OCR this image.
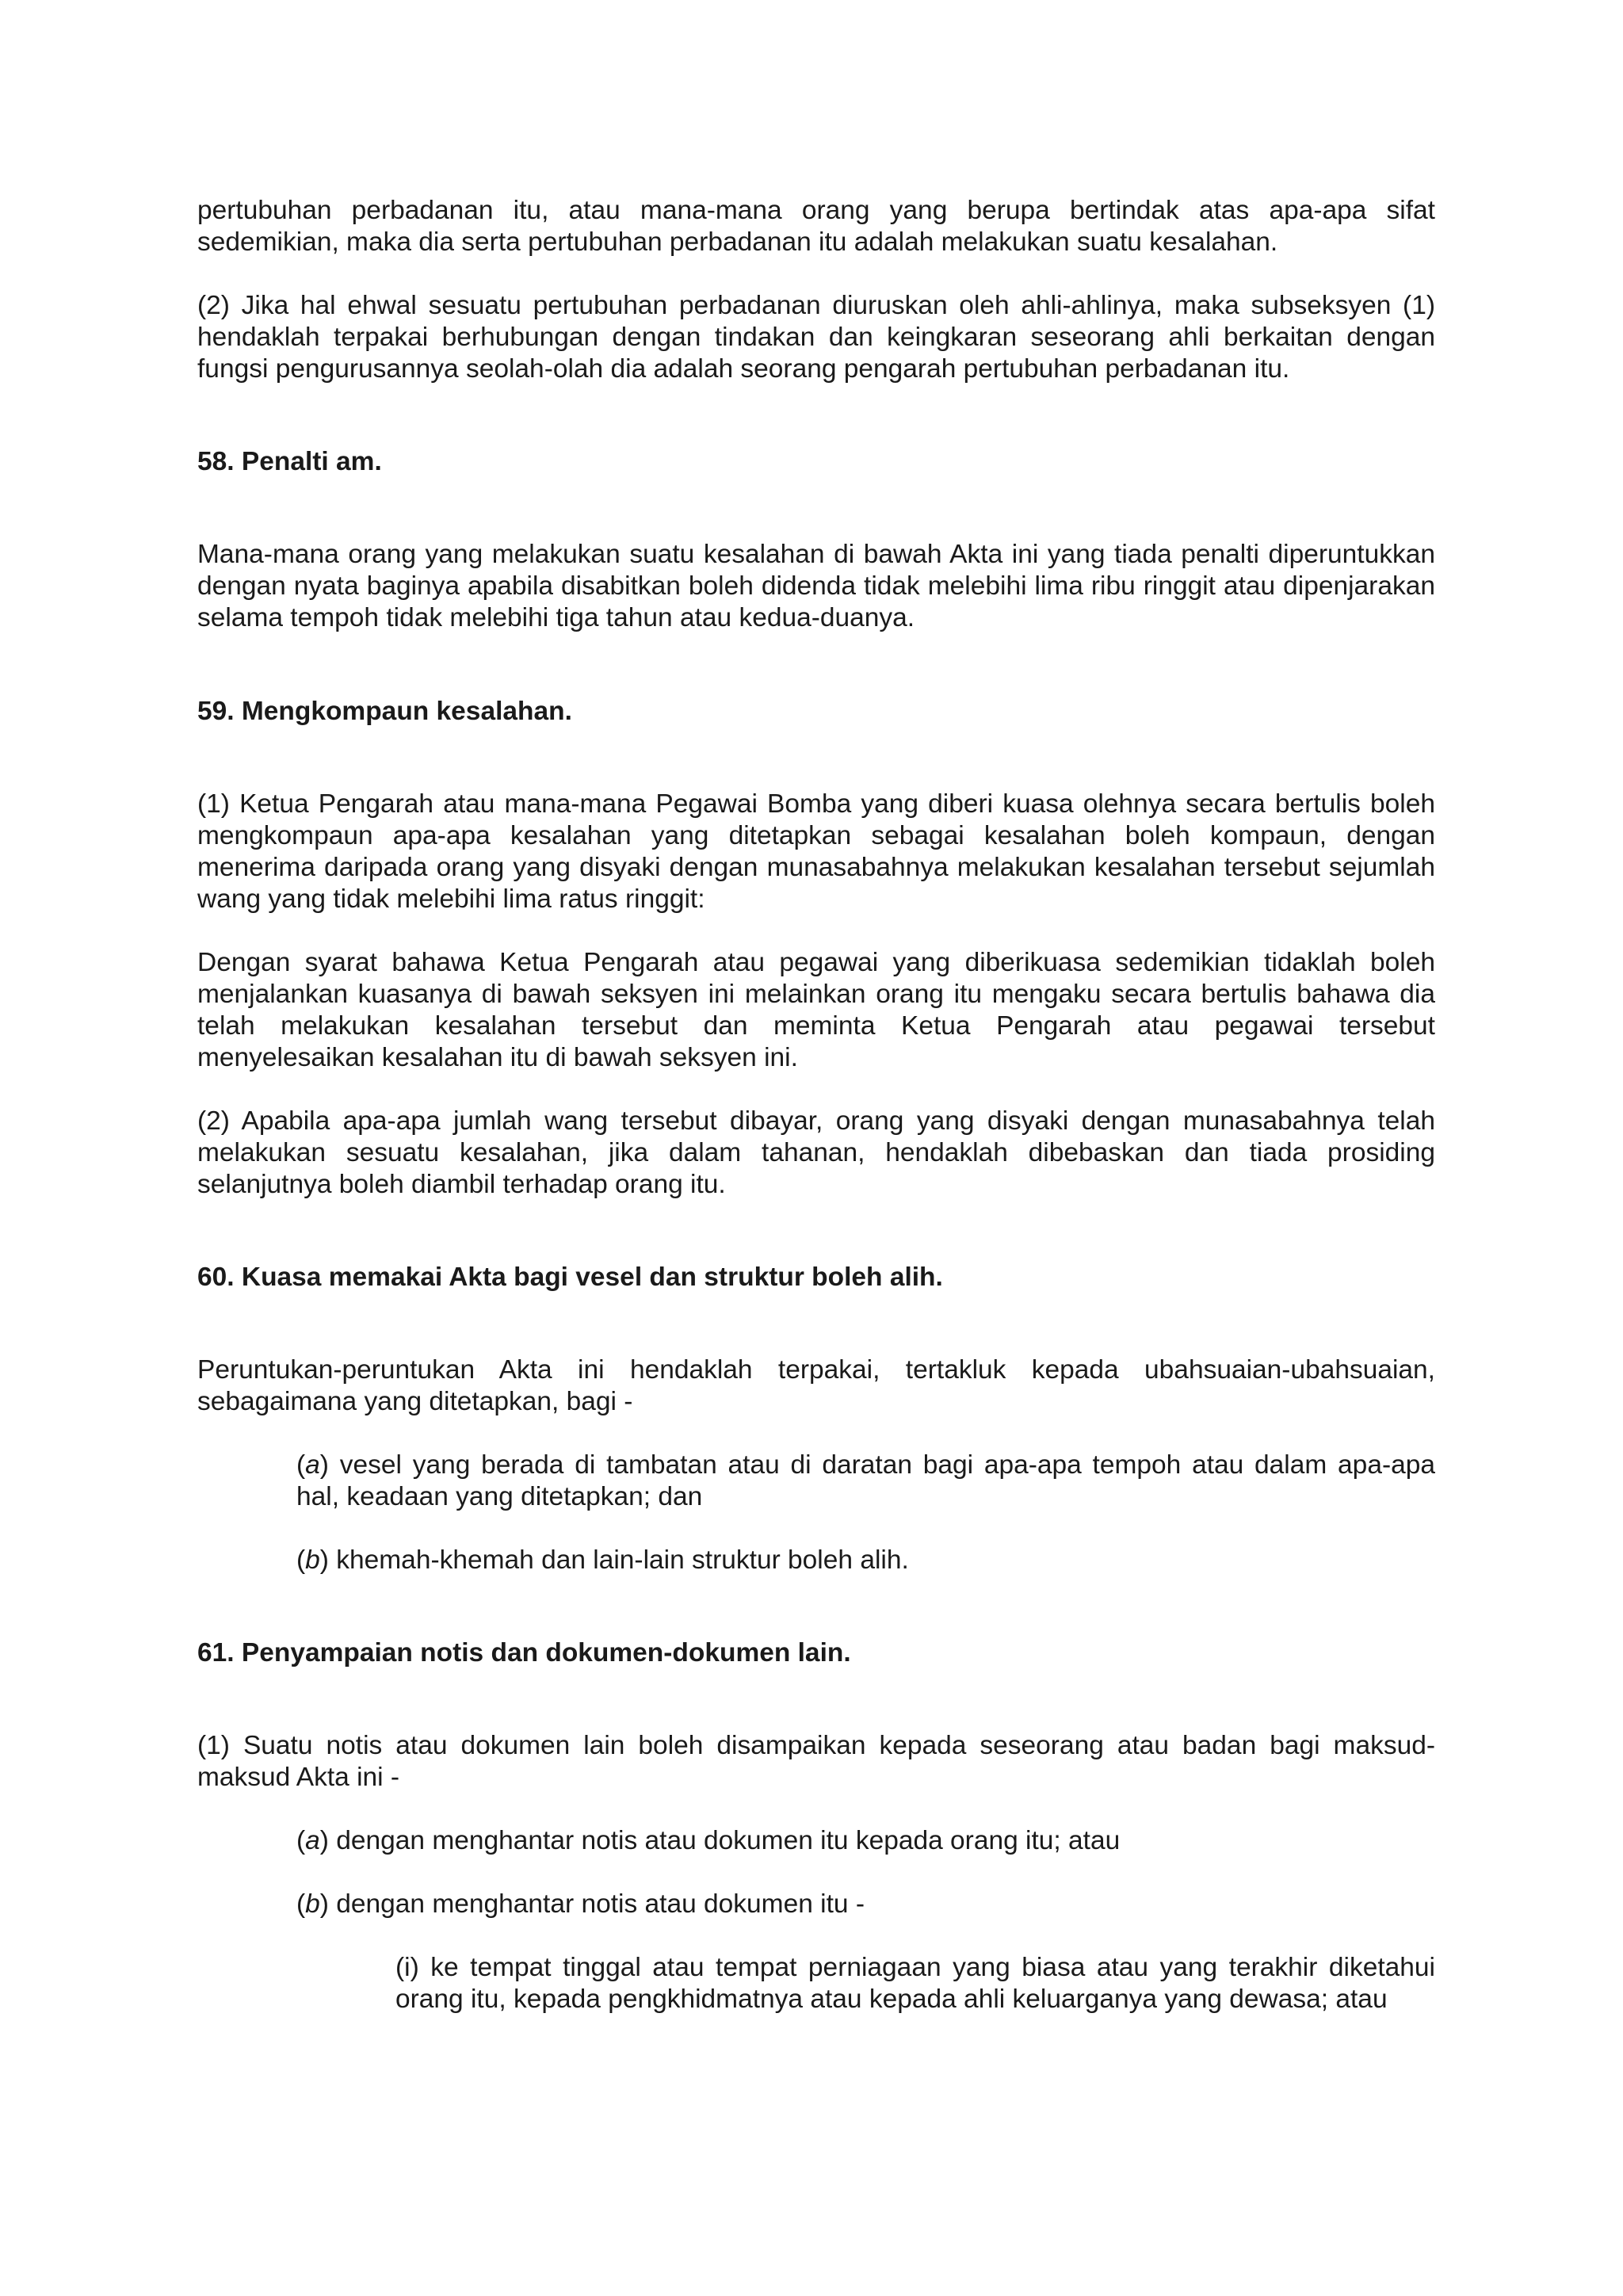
pertubuhan perbadanan itu, atau mana-mana orang yang berupa bertindak atas apa-apa sifat sedemikian, maka dia serta pertubuhan perbadanan itu adalah melakukan suatu kesalahan.

(2) Jika hal ehwal sesuatu pertubuhan perbadanan diuruskan oleh ahli-ahlinya, maka subseksyen (1) hendaklah terpakai berhubungan dengan tindakan dan keingkaran seseorang ahli berkaitan dengan fungsi pengurusannya seolah-olah dia adalah seorang pengarah pertubuhan perbadanan itu.

58. Penalti am.

Mana-mana orang yang melakukan suatu kesalahan di bawah Akta ini yang tiada penalti diperuntukkan dengan nyata baginya apabila disabitkan boleh didenda tidak melebihi lima ribu ringgit atau dipenjarakan selama tempoh tidak melebihi tiga tahun atau kedua-duanya.

59. Mengkompaun kesalahan.

(1) Ketua Pengarah atau mana-mana Pegawai Bomba yang diberi kuasa olehnya secara bertulis boleh mengkompaun apa-apa kesalahan yang ditetapkan sebagai kesalahan boleh kompaun, dengan menerima daripada orang yang disyaki dengan munasabahnya melakukan kesalahan tersebut sejumlah wang yang tidak melebihi lima ratus ringgit:

Dengan syarat bahawa Ketua Pengarah atau pegawai yang diberikuasa sedemikian tidaklah boleh menjalankan kuasanya di bawah seksyen ini melainkan orang itu mengaku secara bertulis bahawa dia telah melakukan kesalahan tersebut dan meminta Ketua Pengarah atau pegawai tersebut menyelesaikan kesalahan itu di bawah seksyen ini.

(2) Apabila apa-apa jumlah wang tersebut dibayar, orang yang disyaki dengan munasabahnya telah melakukan sesuatu kesalahan, jika dalam tahanan, hendaklah dibebaskan dan tiada prosiding selanjutnya boleh diambil terhadap orang itu.

60. Kuasa memakai Akta bagi vesel dan struktur boleh alih.

Peruntukan-peruntukan Akta ini hendaklah terpakai, tertakluk kepada ubahsuaian-ubahsuaian, sebagaimana yang ditetapkan, bagi -

(a) vesel yang berada di tambatan atau di daratan bagi apa-apa tempoh atau dalam apa-apa hal, keadaan yang ditetapkan; dan

(b) khemah-khemah dan lain-lain struktur boleh alih.

61. Penyampaian notis dan dokumen-dokumen lain.

(1) Suatu notis atau dokumen lain boleh disampaikan kepada seseorang atau badan bagi maksud-maksud Akta ini -

(a) dengan menghantar notis atau dokumen itu kepada orang itu; atau

(b) dengan menghantar notis atau dokumen itu -

(i) ke tempat tinggal atau tempat perniagaan yang biasa atau yang terakhir diketahui orang itu, kepada pengkhidmatnya atau kepada ahli keluarganya yang dewasa; atau
